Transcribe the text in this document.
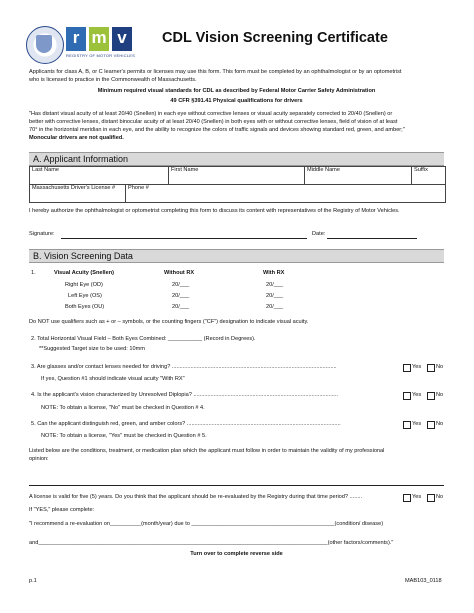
r m v
REGISTRY OF MOTOR VEHICLES
CDL Vision Screening Certificate
Applicants for class A, B, or C learner's permits or licenses may use this form. This form must be completed by an ophthalmologist or by an optometrist
who is licensed to practice in the Commonwealth of Massachusetts.
Minimum required visual standards for CDL as described by Federal Motor Carrier Safety Administration
49 CFR §391.41 Physical qualifications for drivers
"Has distant visual acuity of at least 20/40 (Snellen) in each eye without corrective lenses or visual acuity separately corrected to 20/40 (Snellen) or
better with corrective lenses, distant binocular acuity of at least 20/40 (Snellen) in both eyes with or without corrective lenses, field of vision of at least
70° in the horizontal meridian in each eye, and the ability to recognize the colors of traffic signals and devices showing standard red, green, and amber;"
Monocular drivers are not qualified.
A. Applicant Information
Last Name	First Name	Middle Name	Suffix
Massachusetts Driver's License # Phone #
I hereby authorize the ophthalmologist or optometrist completing this form to discuss its content with representatives of the Registry of Motor Vehicles.
Signature:	Date:
B. Vision Screening Data
1.	Visual Acuity (Snellen)	Without RX	With RX
Right Eye (OD)	20/___	20/___
Left Eye (OS)	20/___	20/___
Both Eyes (OU)	20/___	20/___
Do NOT use qualifiers such as + or – symbols, or the counting fingers ("CF") designation to indicate visual acuity.
2. Total Horizontal Visual Field – Both Eyes Combined: ___________ (Record in Degrees).
**Suggested Target size to be used: 10mm
3. Are glasses and/or contact lenses needed for driving? ..........................................................................................................	Yes	No
If yes, Question #1 should indicate visual acuity "With RX"
4. Is the applicant's vision characterized by Unresolved Diplopia? .............................................................................................	Yes	No
NOTE: To obtain a license, "No" must be checked in Question # 4.
5. Can the applicant distinguish red, green, and amber colors? ...................................................................................................	Yes	No
NOTE: To obtain a license, "Yes" must be checked in Question # 5.
Listed below are the conditions, treatment, or medication plan which the applicant must follow in order to maintain the validity of my professional
opinion:
A license is valid for five (5) years. Do you think that the applicant should be re-evaluated by the Registry during that time period? ........	Yes	No
If "YES," please complete:
"I recommend a re-evaluation on__________(month/year) due to ______________________________________________(condition/ disease)
and_____________________________________________________________________________________________(other factors/comments)."
Turn over to complete reverse side
p.1	MAB103_0118
